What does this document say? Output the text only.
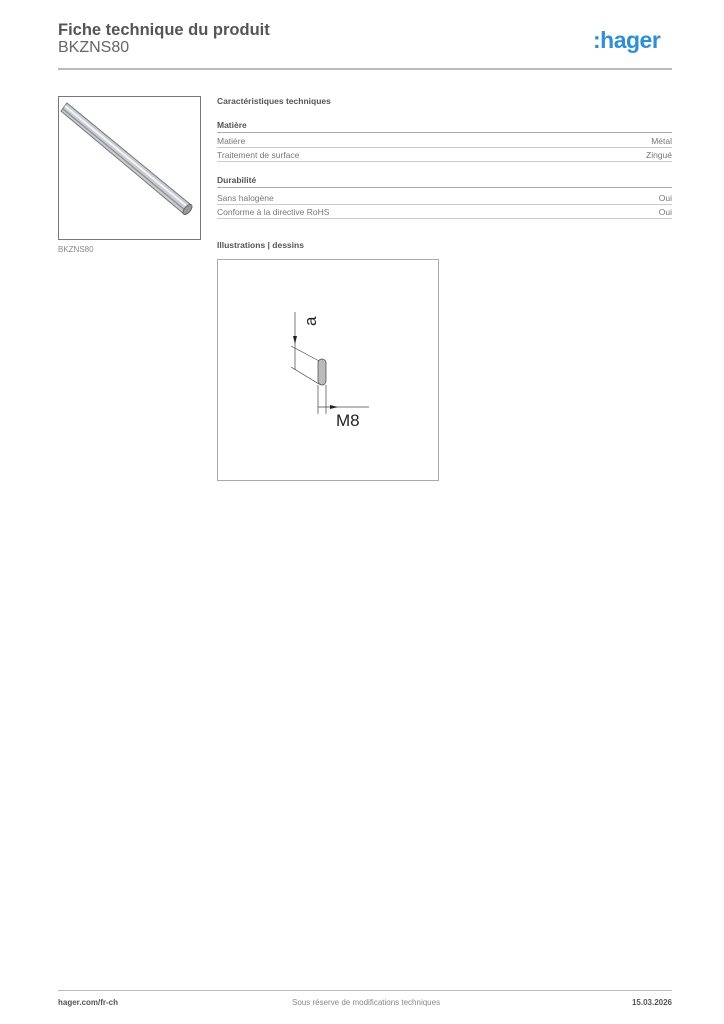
Fiche technique du produit
BKZNS80	:hager
BKZNS80
Caractéristiques techniques
Matière
Matière	Métal
Traitement de surface	Zingué
Durabilité
Sans halogène	Oui
Conforme à la directive RoHS	Oui
Illustrations | dessins
a
M8
hager.com/fr-ch	Sous réserve de modifications techniques	15.03.2026
